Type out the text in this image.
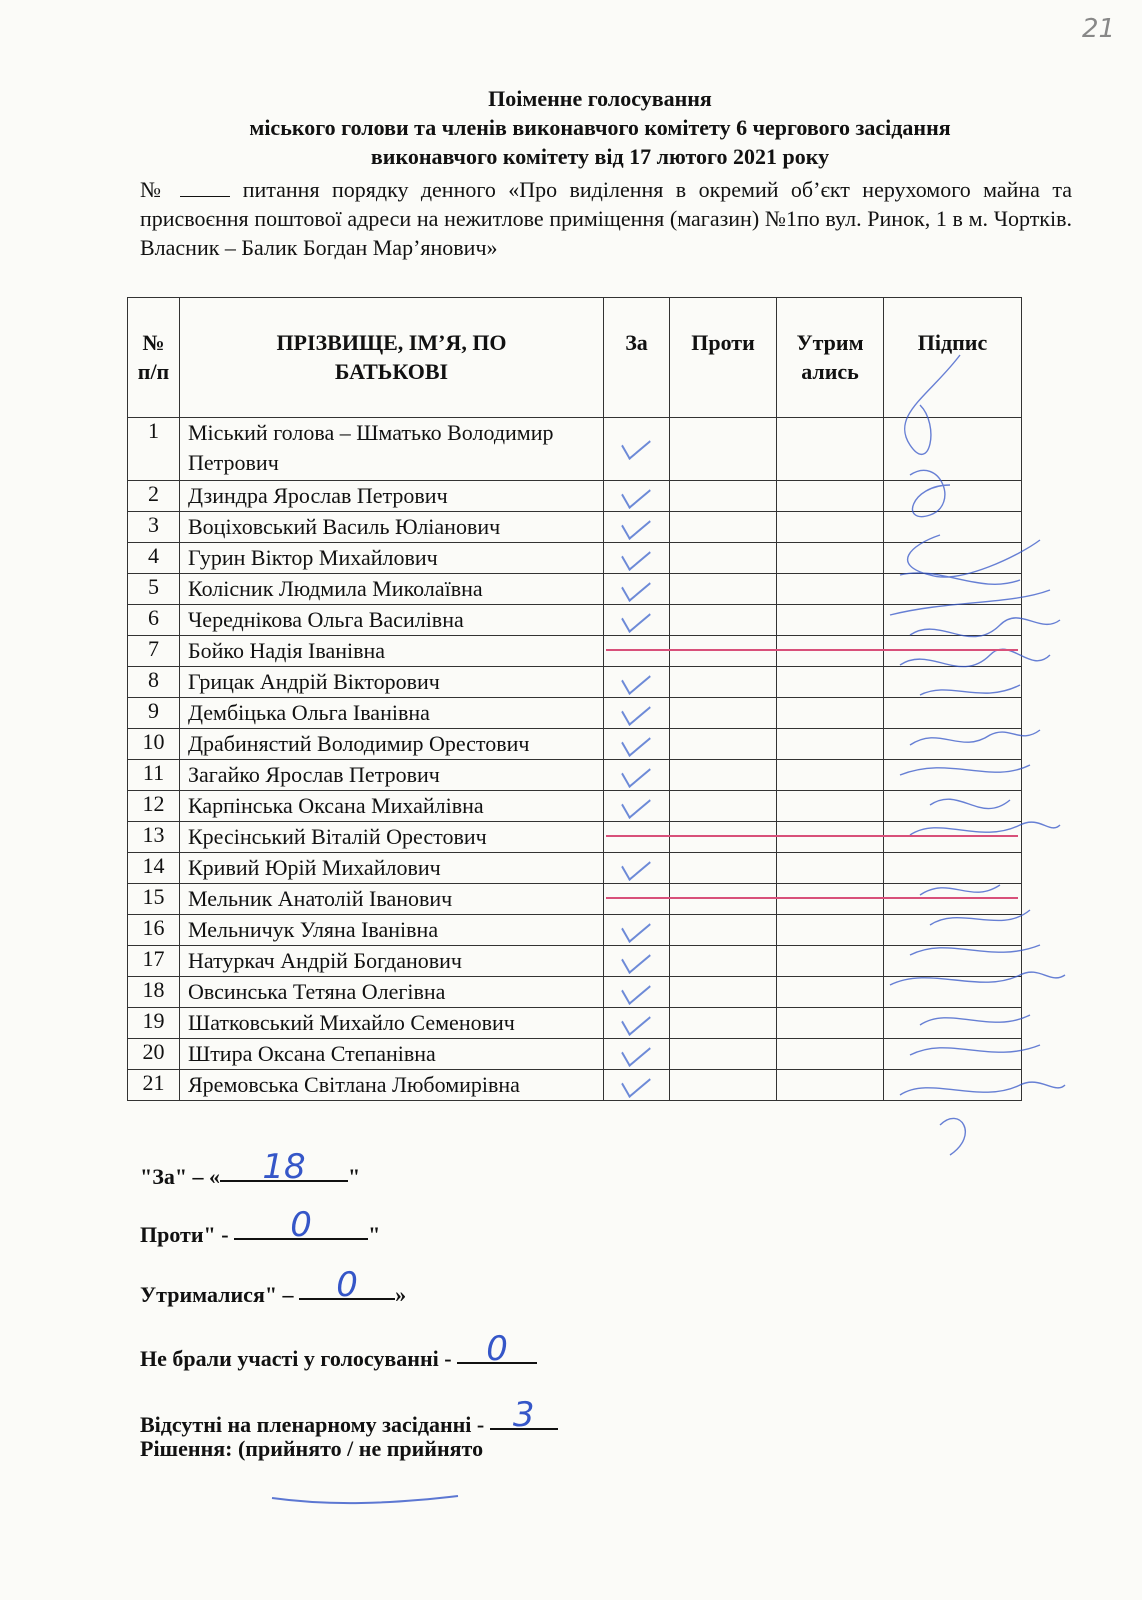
21
Поіменне голосування
міського голови та членів виконавчого комітету 6 чергового засідання
виконавчого комітету від 17 лютого 2021 року
№	питання порядку денного «Про виділення в окремий об’єкт нерухомого майна та присвоєння поштової адреси на нежитлове приміщення (магазин) №1по вул. Ринок, 1 в м. Чортків. Власник – Балик Богдан Мар’янович»
№ п/п	ПРІЗВИЩЕ, ІМ’Я, ПО БАТЬКОВІ	За	Проти	Утрим ались	Підпис
1	Міський голова – Шматько Володимир Петрович	

2	Дзиндра Ярослав Петрович	

3	Воціховський Василь Юліанович	

4	Гурин Віктор Михайлович	

5	Колісник Людмила Миколаївна	

6	Череднікова Ольга Василівна	

7	Бойко Надія Іванівна				
8	Грицак Андрій Вікторович	

9	Дембіцька Ольга Іванівна	

10	Драбинястий Володимир Орестович	

11	Загайко Ярослав Петрович	

12	Карпінська Оксана Михайлівна	

13	Кресінський Віталій Орестович				
14	Кривий Юрій Михайлович	

15	Мельник Анатолій Іванович				
16	Мельничук Уляна Іванівна	

17	Натуркач Андрій Богданович	

18	Овсинська Тетяна Олегівна	

19	Шатковський Михайло Семенович	

20	Штира Оксана Степанівна	

21	Яремовська Світлана Любомирівна	

"За" – « 18 "
Проти" - 0	"
Утрималися" – 0 »
Не брали участі у голосуванні - 0
Відсутні на пленарному засіданні - 3
Рішення: (прийнято / не прийнято
